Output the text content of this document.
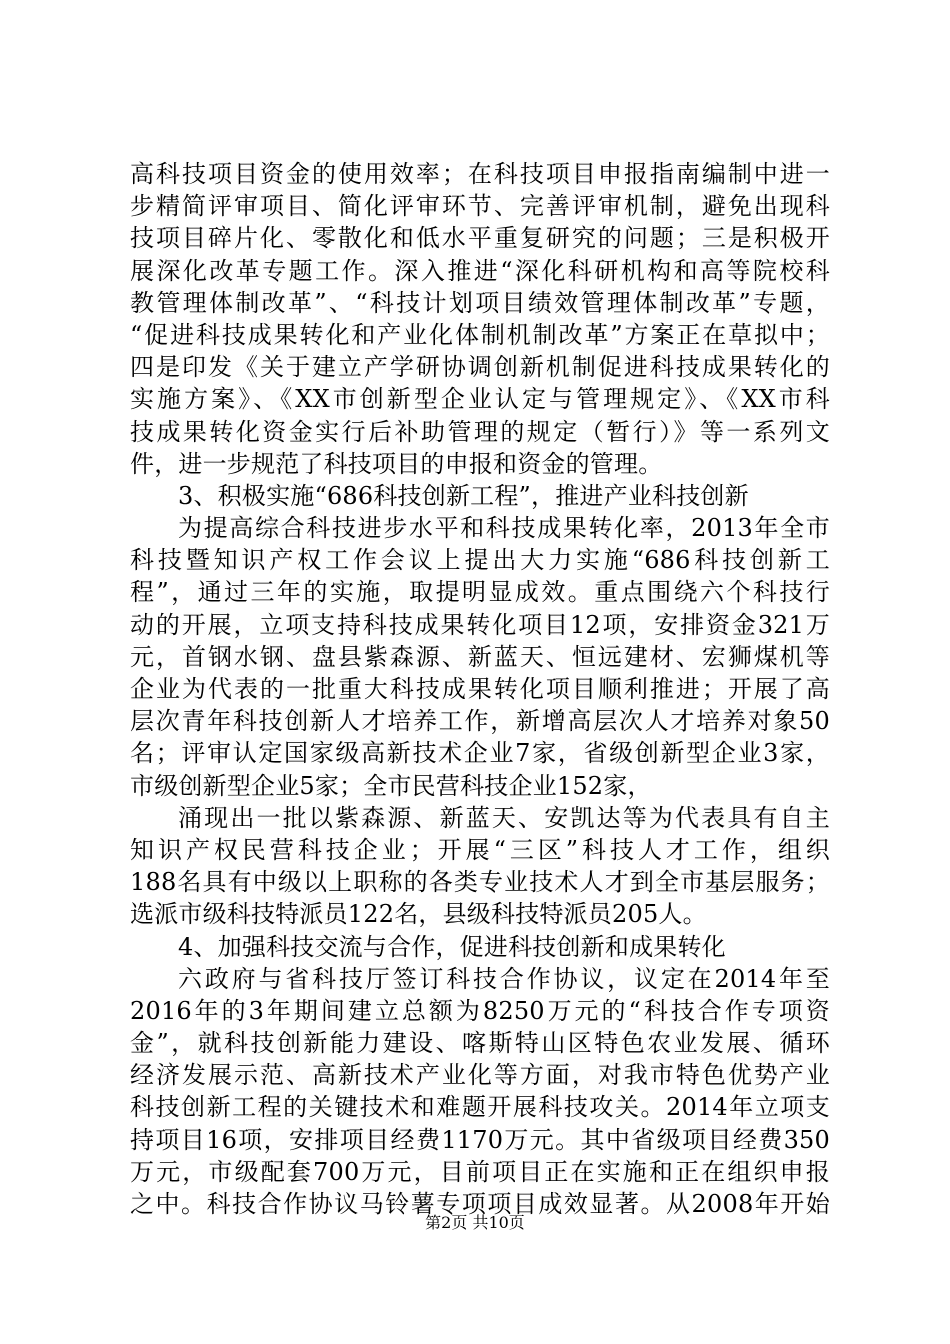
高科技项目资金的使用效率；在科技项目申报指南编制中进一
步精简评审项目、简化评审环节、完善评审机制，避免出现科
技项目碎片化、零散化和低水平重复研究的问题；三是积极开
展深化改革专题工作。深入推进“深化科研机构和高等院校科
教管理体制改革”、“科技计划项目绩效管理体制改革”专题，
“促进科技成果转化和产业化体制机制改革”方案正在草拟中；
四是印发《关于建立产学研协调创新机制促进科技成果转化的
实施方案》、《XX市创新型企业认定与管理规定》、《XX市科
技成果转化资金实行后补助管理的规定（暂行）》等一系列文
件，进一步规范了科技项目的申报和资金的管理。
3、积极实施“686科技创新工程”，推进产业科技创新
为提高综合科技进步水平和科技成果转化率，2013年全市
科技暨知识产权工作会议上提出大力实施“686科技创新工
程”，通过三年的实施，取提明显成效。重点围绕六个科技行
动的开展，立项支持科技成果转化项目12项，安排资金321万
元，首钢水钢、盘县紫森源、新蓝天、恒远建材、宏狮煤机等
企业为代表的一批重大科技成果转化项目顺利推进；开展了高
层次青年科技创新人才培养工作，新增高层次人才培养对象50
名；评审认定国家级高新技术企业7家，省级创新型企业3家，
市级创新型企业5家；全市民营科技企业152家，
涌现出一批以紫森源、新蓝天、安凯达等为代表具有自主
知识产权民营科技企业；开展“三区”科技人才工作，组织
188名具有中级以上职称的各类专业技术人才到全市基层服务；
选派市级科技特派员122名，县级科技特派员205人。
4、加强科技交流与合作，促进科技创新和成果转化
六政府与省科技厅签订科技合作协议，议定在2014年至
2016年的3年期间建立总额为8250万元的“科技合作专项资
金”，就科技创新能力建设、喀斯特山区特色农业发展、循环
经济发展示范、高新技术产业化等方面，对我市特色优势产业
科技创新工程的关键技术和难题开展科技攻关。2014年立项支
持项目16项，安排项目经费1170万元。其中省级项目经费350
万元，市级配套700万元，目前项目正在实施和正在组织申报
之中。科技合作协议马铃薯专项项目成效显著。从2008年开始
第2页 共10页
